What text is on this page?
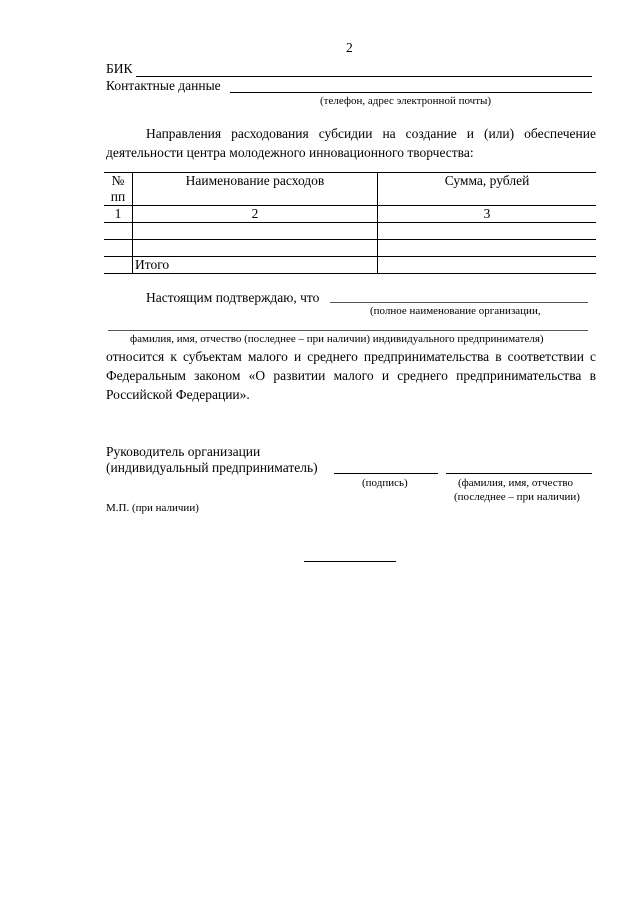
2
БИК
Контактные данные
(телефон, адрес электронной почты)
Направления расходования субсидии на создание и (или) обеспечение деятельности центра молодежного инновационного творчества:
№ пп	Наименование расходов	Сумма, рублей
1	2	3

	Итого	
Настоящим подтверждаю, что
(полное наименование организации,
фамилия, имя, отчество (последнее – при наличии) индивидуального предпринимателя)
относится к субъектам малого и среднего предпринимательства в соответствии с Федеральным законом «О развитии малого и среднего предпринимательства в Российской Федерации».
Руководитель организации
(индивидуальный предприниматель)
(подпись)	(фамилия, имя, отчество
(последнее – при наличии)
М.П. (при наличии)
